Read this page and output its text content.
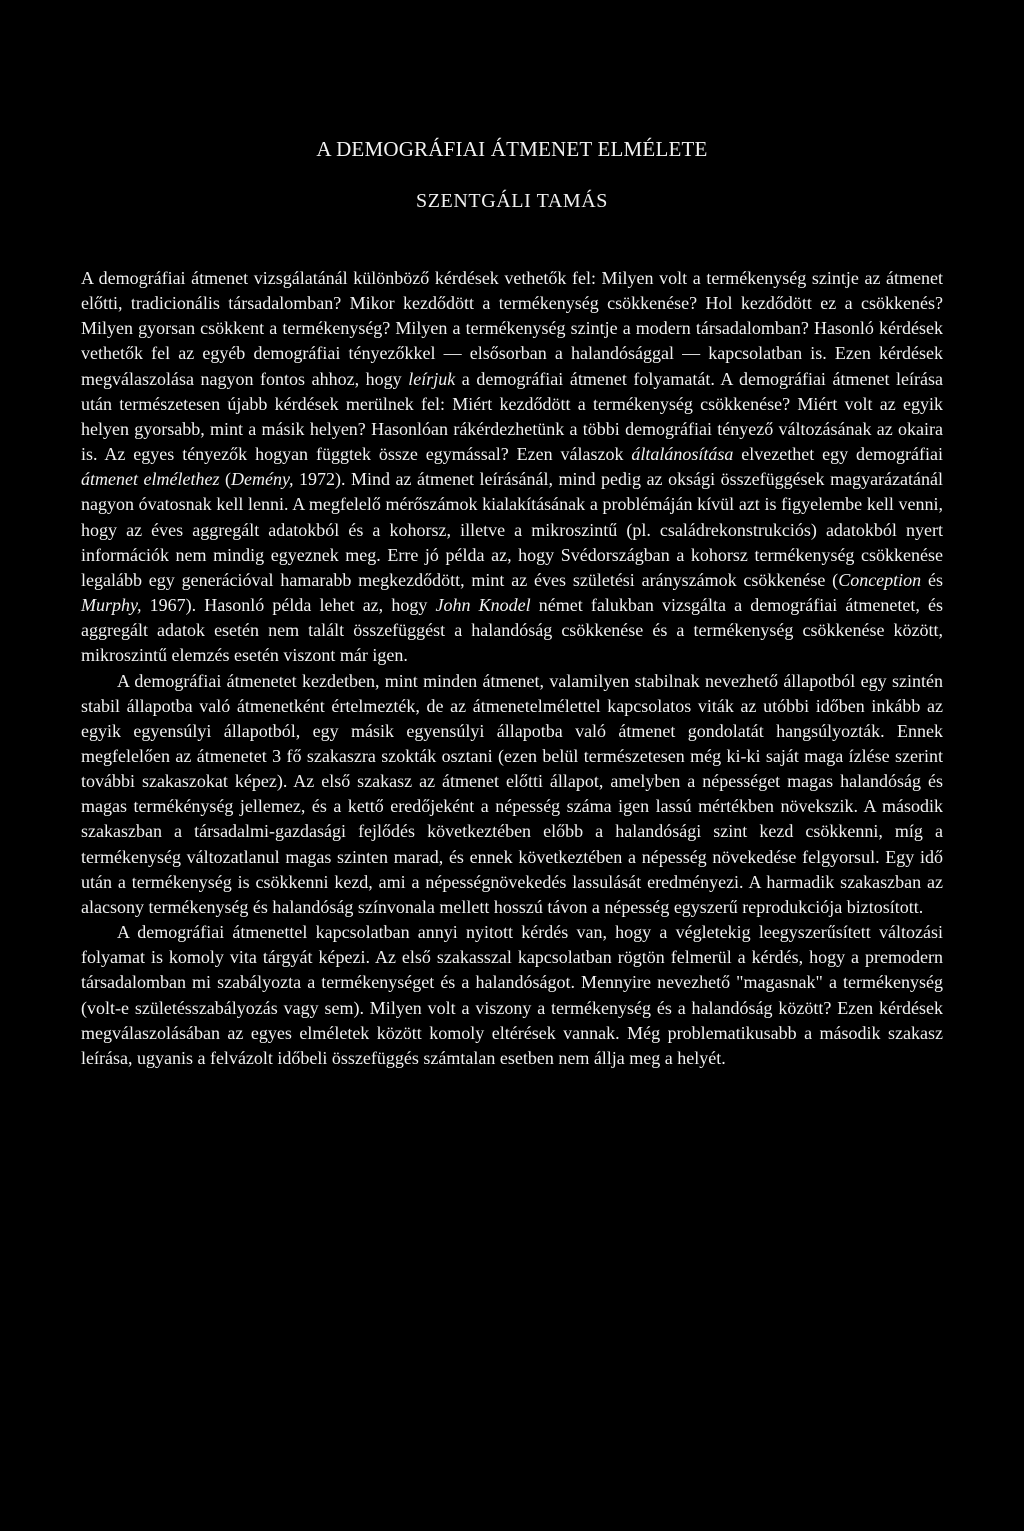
A DEMOGRÁFIAI ÁTMENET ELMÉLETE
SZENTGÁLI TAMÁS

A demográfiai átmenet vizsgálatánál különböző kérdések vethetők fel: Milyen volt a termékenység szintje az átmenet előtti, tradicionális társadalomban? Mikor kezdődött a termékenység csökkenése? Hol kezdődött ez a csökkenés? Milyen gyorsan csökkent a termékenység? Milyen a termékenység szintje a modern társadalomban? Hasonló kérdések vethetők fel az egyéb demográfiai tényezőkkel — elsősorban a halandósággal — kapcsolatban is. Ezen kérdések megválaszolása nagyon fontos ahhoz, hogy leírjuk a demográfiai átmenet folyamatát. A demográfiai átmenet leírása után természetesen újabb kérdések merülnek fel: Miért kezdődött a termékenység csökkenése? Miért volt az egyik helyen gyorsabb, mint a másik helyen? Hasonlóan rákérdezhetünk a többi demográfiai tényező változásának az okaira is. Az egyes tényezők hogyan függtek össze egymással? Ezen válaszok általánosítása elvezethet egy demográfiai átmenet elmélethez (Demény, 1972). Mind az átmenet leírásánál, mind pedig az oksági összefüggések magyarázatánál nagyon óvatosnak kell lenni. A megfelelő mérőszámok kialakításának a problémáján kívül azt is figyelembe kell venni, hogy az éves aggregált adatokból és a kohorsz, illetve a mikroszintű (pl. családrekonstrukciós) adatokból nyert információk nem mindig egyeznek meg. Erre jó példa az, hogy Svédországban a kohorsz termékenység csökkenése legalább egy generációval hamarabb megkezdődött, mint az éves születési arányszámok csökkenése (Conception és Murphy, 1967). Hasonló példa lehet az, hogy John Knodel német falukban vizsgálta a demográfiai átmenetet, és aggregált adatok esetén nem talált összefüggést a halandóság csökkenése és a termékenység csökkenése között, mikroszintű elemzés esetén viszont már igen.

A demográfiai átmenetet kezdetben, mint minden átmenet, valamilyen stabilnak nevezhető állapotból egy szintén stabil állapotba való átmenetként értelmezték, de az átmenetelmélettel kapcsolatos viták az utóbbi időben inkább az egyik egyensúlyi állapotból, egy másik egyensúlyi állapotba való átmenet gondolatát hangsúlyozták. Ennek megfelelően az átmenetet 3 fő szakaszra szokták osztani (ezen belül természetesen még ki-ki saját maga ízlése szerint további szakaszokat képez). Az első szakasz az átmenet előtti állapot, amelyben a népességet magas halandóság és magas termékénység jellemez, és a kettő eredőjeként a népesség száma igen lassú mértékben növekszik. A második szakaszban a társadalmi-gazdasági fejlődés következtében előbb a halandósági szint kezd csökkenni, míg a termékenység változatlanul magas szinten marad, és ennek következtében a népesség növekedése felgyorsul. Egy idő után a termékenység is csökkenni kezd, ami a népességnövekedés lassulását eredményezi. A harmadik szakaszban az alacsony termékenység és halandóság színvonala mellett hosszú távon a népesség egyszerű reprodukciója biztosított.

A demográfiai átmenettel kapcsolatban annyi nyitott kérdés van, hogy a végletekig leegyszerűsített változási folyamat is komoly vita tárgyát képezi. Az első szakasszal kapcsolatban rögtön felmerül a kérdés, hogy a premodern társadalomban mi szabályozta a termékenységet és a halandóságot. Mennyire nevezhető "magasnak" a termékenység (volt-e születésszabályozás vagy sem). Milyen volt a viszony a termékenység és a halandóság között? Ezen kérdések megválaszolásában az egyes elméletek között komoly eltérések vannak. Még problematikusabb a második szakasz leírása, ugyanis a felvázolt időbeli összefüggés számtalan esetben nem állja meg a helyét.
